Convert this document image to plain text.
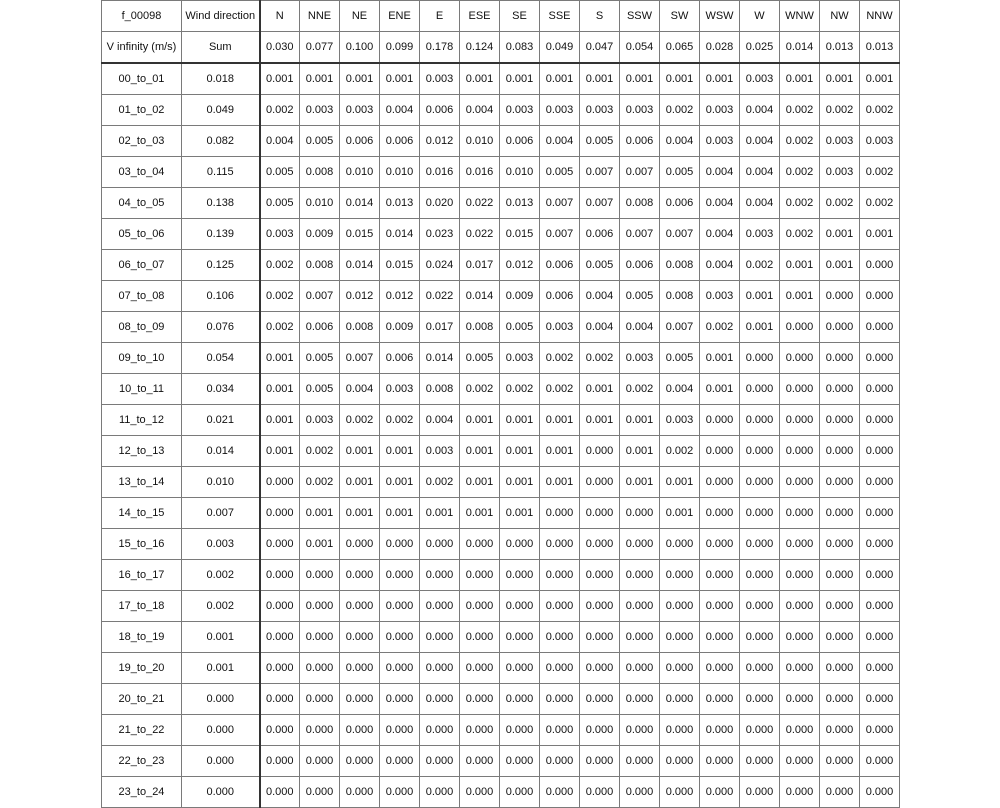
f_00098	Wind direction	N	NNE	NE	ENE	E	ESE	SE	SSE	S	SSW	SW	WSW	W	WNW	NW	NNW
V infinity (m/s)	Sum	0.030	0.077	0.100	0.099	0.178	0.124	0.083	0.049	0.047	0.054	0.065	0.028	0.025	0.014	0.013	0.013
00_to_01	0.018	0.001	0.001	0.001	0.001	0.003	0.001	0.001	0.001	0.001	0.001	0.001	0.001	0.003	0.001	0.001	0.001
01_to_02	0.049	0.002	0.003	0.003	0.004	0.006	0.004	0.003	0.003	0.003	0.003	0.002	0.003	0.004	0.002	0.002	0.002
02_to_03	0.082	0.004	0.005	0.006	0.006	0.012	0.010	0.006	0.004	0.005	0.006	0.004	0.003	0.004	0.002	0.003	0.003
03_to_04	0.115	0.005	0.008	0.010	0.010	0.016	0.016	0.010	0.005	0.007	0.007	0.005	0.004	0.004	0.002	0.003	0.002
04_to_05	0.138	0.005	0.010	0.014	0.013	0.020	0.022	0.013	0.007	0.007	0.008	0.006	0.004	0.004	0.002	0.002	0.002
05_to_06	0.139	0.003	0.009	0.015	0.014	0.023	0.022	0.015	0.007	0.006	0.007	0.007	0.004	0.003	0.002	0.001	0.001
06_to_07	0.125	0.002	0.008	0.014	0.015	0.024	0.017	0.012	0.006	0.005	0.006	0.008	0.004	0.002	0.001	0.001	0.000
07_to_08	0.106	0.002	0.007	0.012	0.012	0.022	0.014	0.009	0.006	0.004	0.005	0.008	0.003	0.001	0.001	0.000	0.000
08_to_09	0.076	0.002	0.006	0.008	0.009	0.017	0.008	0.005	0.003	0.004	0.004	0.007	0.002	0.001	0.000	0.000	0.000
09_to_10	0.054	0.001	0.005	0.007	0.006	0.014	0.005	0.003	0.002	0.002	0.003	0.005	0.001	0.000	0.000	0.000	0.000
10_to_11	0.034	0.001	0.005	0.004	0.003	0.008	0.002	0.002	0.002	0.001	0.002	0.004	0.001	0.000	0.000	0.000	0.000
11_to_12	0.021	0.001	0.003	0.002	0.002	0.004	0.001	0.001	0.001	0.001	0.001	0.003	0.000	0.000	0.000	0.000	0.000
12_to_13	0.014	0.001	0.002	0.001	0.001	0.003	0.001	0.001	0.001	0.000	0.001	0.002	0.000	0.000	0.000	0.000	0.000
13_to_14	0.010	0.000	0.002	0.001	0.001	0.002	0.001	0.001	0.001	0.000	0.001	0.001	0.000	0.000	0.000	0.000	0.000
14_to_15	0.007	0.000	0.001	0.001	0.001	0.001	0.001	0.001	0.000	0.000	0.000	0.001	0.000	0.000	0.000	0.000	0.000
15_to_16	0.003	0.000	0.001	0.000	0.000	0.000	0.000	0.000	0.000	0.000	0.000	0.000	0.000	0.000	0.000	0.000	0.000
16_to_17	0.002	0.000	0.000	0.000	0.000	0.000	0.000	0.000	0.000	0.000	0.000	0.000	0.000	0.000	0.000	0.000	0.000
17_to_18	0.002	0.000	0.000	0.000	0.000	0.000	0.000	0.000	0.000	0.000	0.000	0.000	0.000	0.000	0.000	0.000	0.000
18_to_19	0.001	0.000	0.000	0.000	0.000	0.000	0.000	0.000	0.000	0.000	0.000	0.000	0.000	0.000	0.000	0.000	0.000
19_to_20	0.001	0.000	0.000	0.000	0.000	0.000	0.000	0.000	0.000	0.000	0.000	0.000	0.000	0.000	0.000	0.000	0.000
20_to_21	0.000	0.000	0.000	0.000	0.000	0.000	0.000	0.000	0.000	0.000	0.000	0.000	0.000	0.000	0.000	0.000	0.000
21_to_22	0.000	0.000	0.000	0.000	0.000	0.000	0.000	0.000	0.000	0.000	0.000	0.000	0.000	0.000	0.000	0.000	0.000
22_to_23	0.000	0.000	0.000	0.000	0.000	0.000	0.000	0.000	0.000	0.000	0.000	0.000	0.000	0.000	0.000	0.000	0.000
23_to_24	0.000	0.000	0.000	0.000	0.000	0.000	0.000	0.000	0.000	0.000	0.000	0.000	0.000	0.000	0.000	0.000	0.000
